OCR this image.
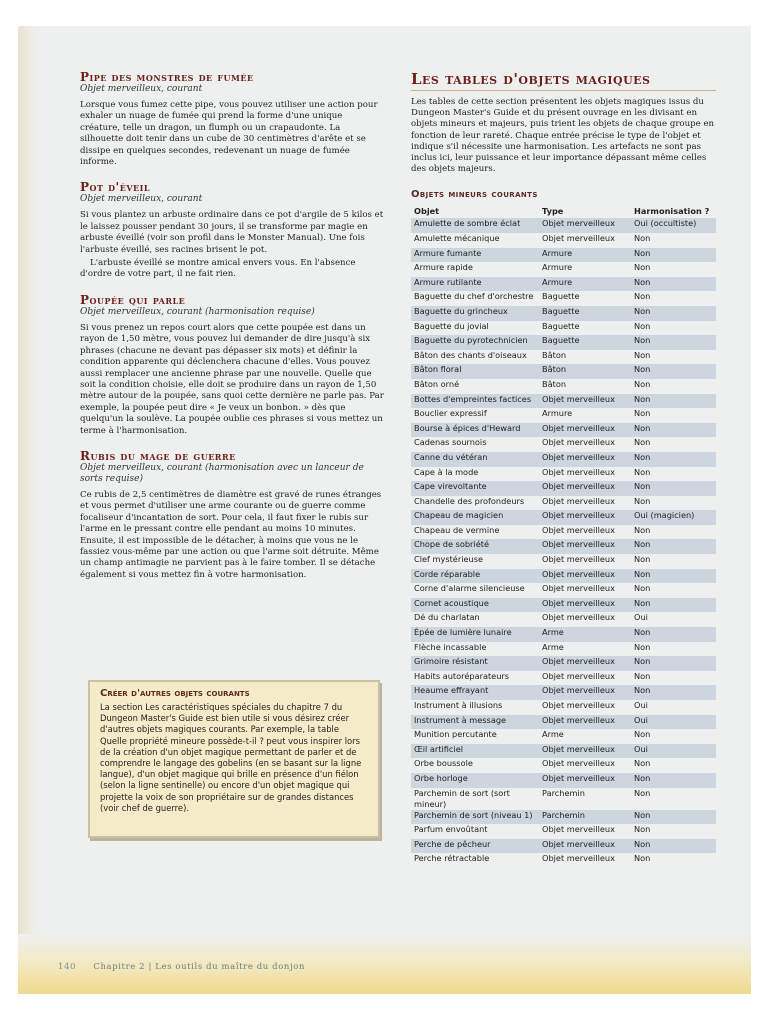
Pipe des monstres de fumée

Objet merveilleux, courant

Lorsque vous fumez cette pipe, vous pouvez utiliser une action pour exhaler un nuage de fumée qui prend la forme d'une unique créature, telle un dragon, un flumph ou un crapaudonte. La silhouette doit tenir dans un cube de 30 centimètres d'arête et se dissipe en quelques secondes, redevenant un nuage de fumée informe.

Pot d'éveil

Objet merveilleux, courant

Si vous plantez un arbuste ordinaire dans ce pot d'argile de 5 kilos et le laissez pousser pendant 30 jours, il se transforme par magie en arbuste éveillé (voir son profil dans le Monster Manual). Une fois l'arbuste éveillé, ses racines brisent le pot.

L'arbuste éveillé se montre amical envers vous. En l'absence d'ordre de votre part, il ne fait rien.

Poupée qui parle

Objet merveilleux, courant (harmonisation requise)

Si vous prenez un repos court alors que cette poupée est dans un rayon de 1,50 mètre, vous pouvez lui demander de dire jusqu'à six phrases (chacune ne devant pas dépasser six mots) et définir la condition apparente qui déclenchera chacune d'elles. Vous pouvez aussi remplacer une ancienne phrase par une nouvelle. Quelle que soit la condition choisie, elle doit se produire dans un rayon de 1,50 mètre autour de la poupée, sans quoi cette dernière ne parle pas. Par exemple, la poupée peut dire « Je veux un bonbon. » dès que quelqu'un la soulève. La poupée oublie ces phrases si vous mettez un terme à l'harmonisation.

Rubis du mage de guerre

Objet merveilleux, courant (harmonisation avec un lanceur de sorts requise)

Ce rubis de 2,5 centimètres de diamètre est gravé de runes étranges et vous permet d'utiliser une arme courante ou de guerre comme focaliseur d'incantation de sort. Pour cela, il faut fixer le rubis sur l'arme en le pressant contre elle pendant au moins 10 minutes. Ensuite, il est impossible de le détacher, à moins que vous ne le fassiez vous-même par une action ou que l'arme soit détruite. Même un champ antimagie ne parvient pas à le faire tomber. Il se détache également si vous mettez fin à votre harmonisation.

Créer d'autres objets courants

La section Les caractéristiques spéciales du chapitre 7 du Dungeon Master's Guide est bien utile si vous désirez créer d'autres objets magiques courants. Par exemple, la table Quelle propriété mineure possède-t-il ? peut vous inspirer lors de la création d'un objet magique permettant de parler et de comprendre le langage des gobelins (en se basant sur la ligne langue), d'un objet magique qui brille en présence d'un fiélon (selon la ligne sentinelle) ou encore d'un objet magique qui projette la voix de son propriétaire sur de grandes distances (voir chef de guerre).

Les tables d'objets magiques

Les tables de cette section présentent les objets magiques issus du Dungeon Master's Guide et du présent ouvrage en les divisant en objets mineurs et majeurs, puis trient les objets de chaque groupe en fonction de leur rareté. Chaque entrée précise le type de l'objet et indique s'il nécessite une harmonisation. Les artefacts ne sont pas inclus ici, leur puissance et leur importance dépassant même celles des objets majeurs.

Objets mineurs courants
Objet	Type	Harmonisation ?
Amulette de sombre éclat	Objet merveilleux	Oui (occultiste)
Amulette mécanique	Objet merveilleux	Non
Armure fumante	Armure	Non
Armure rapide	Armure	Non
Armure rutilante	Armure	Non
Baguette du chef d'orchestre	Baguette	Non
Baguette du grincheux	Baguette	Non
Baguette du jovial	Baguette	Non
Baguette du pyrotechnicien	Baguette	Non
Bâton des chants d'oiseaux	Bâton	Non
Bâton floral	Bâton	Non
Bâton orné	Bâton	Non
Bottes d'empreintes factices	Objet merveilleux	Non
Bouclier expressif	Armure	Non
Bourse à épices d'Heward	Objet merveilleux	Non
Cadenas sournois	Objet merveilleux	Non
Canne du vétéran	Objet merveilleux	Non
Cape à la mode	Objet merveilleux	Non
Cape virevoltante	Objet merveilleux	Non
Chandelle des profondeurs	Objet merveilleux	Non
Chapeau de magicien	Objet merveilleux	Oui (magicien)
Chapeau de vermine	Objet merveilleux	Non
Chope de sobriété	Objet merveilleux	Non
Clef mystérieuse	Objet merveilleux	Non
Corde réparable	Objet merveilleux	Non
Corne d'alarme silencieuse	Objet merveilleux	Non
Cornet acoustique	Objet merveilleux	Non
Dé du charlatan	Objet merveilleux	Oui
Épée de lumière lunaire	Arme	Non
Flèche incassable	Arme	Non
Grimoire résistant	Objet merveilleux	Non
Habits autoréparateurs	Objet merveilleux	Non
Heaume effrayant	Objet merveilleux	Non
Instrument à illusions	Objet merveilleux	Oui
Instrument à message	Objet merveilleux	Oui
Munition percutante	Arme	Non
Œil artificiel	Objet merveilleux	Oui
Orbe boussole	Objet merveilleux	Non
Orbe horloge	Objet merveilleux	Non
Parchemin de sort (sort mineur)	Parchemin	Non
Parchemin de sort (niveau 1)	Parchemin	Non
Parfum envoûtant	Objet merveilleux	Non
Perche de pêcheur	Objet merveilleux	Non
Perche rétractable	Objet merveilleux	Non
140 Chapitre 2 | Les outils du maître du donjon
